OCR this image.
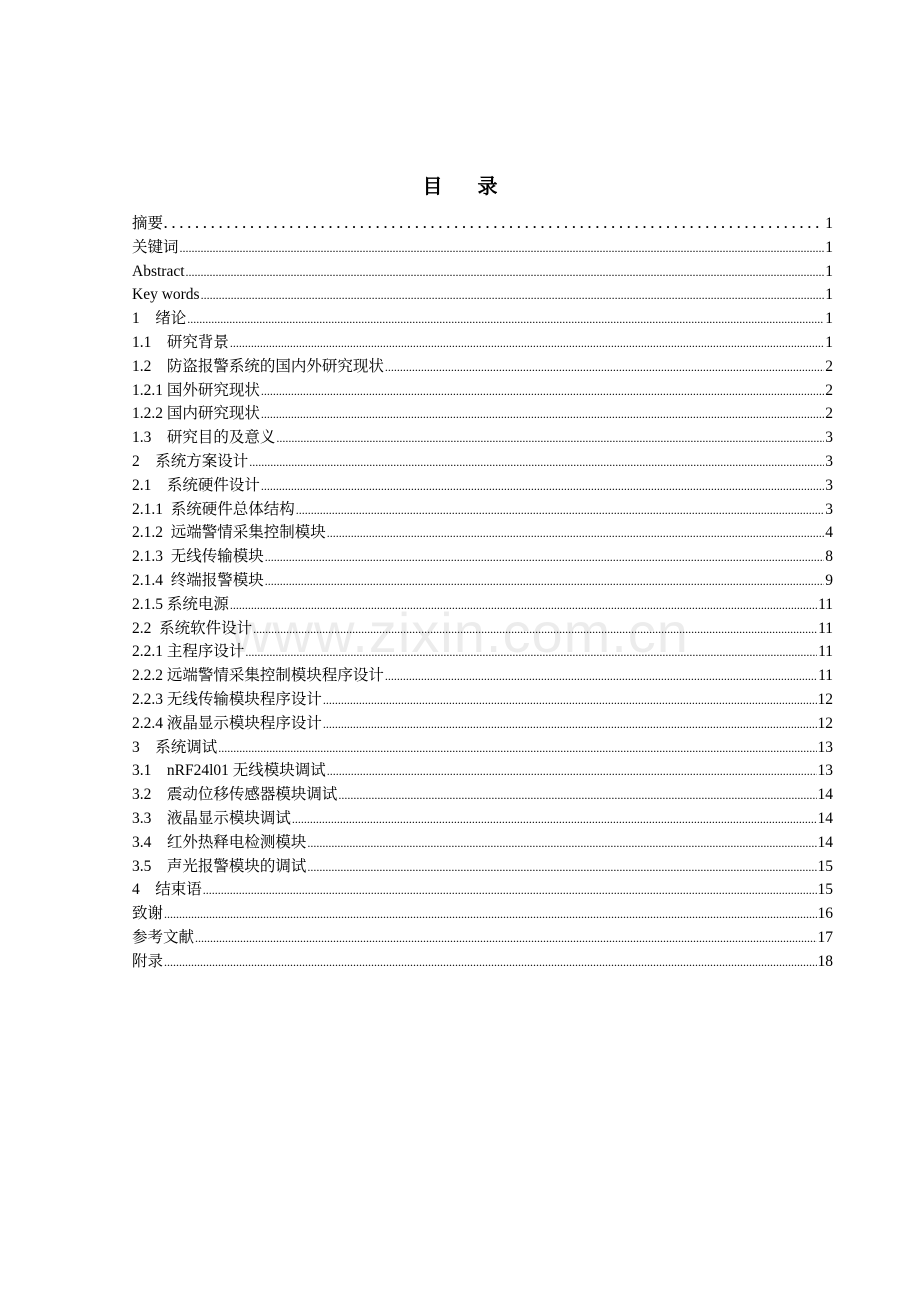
目 录
摘要 .....	1
关键词 .....	1
Abstract .....	1
Key words .....	1
1    绪论 .....	1
1.1    研究背景 .....	1
1.2    防盗报警系统的国内外研究现状 .....	2
1.2.1 国外研究现状 .....	2
1.2.2 国内研究现状 .....	2
1.3    研究目的及意义 .....	3
2    系统方案设计 .....	3
2.1    系统硬件设计 .....	3
2.1.1  系统硬件总体结构 .....	3
2.1.2  远端警情采集控制模块 .....	4
2.1.3  无线传输模块 .....	8
2.1.4  终端报警模块 .....	9
2.1.5 系统电源 .....	11
2.2  系统软件设计 .....	11
2.2.1 主程序设计 .....	11
2.2.2 远端警情采集控制模块程序设计 .....	11
2.2.3 无线传输模块程序设计 .....	12
2.2.4 液晶显示模块程序设计 .....	12
3    系统调试 .....	13
3.1    nRF24l01 无线模块调试 .....	13
3.2    震动位移传感器模块调试 .....	14
3.3    液晶显示模块调试 .....	14
3.4    红外热释电检测模块 .....	14
3.5    声光报警模块的调试 .....	15
4    结束语 .....	15
致谢 .....	16
参考文献 .....	17
附录 .....	18
www.zixin.com.cn
